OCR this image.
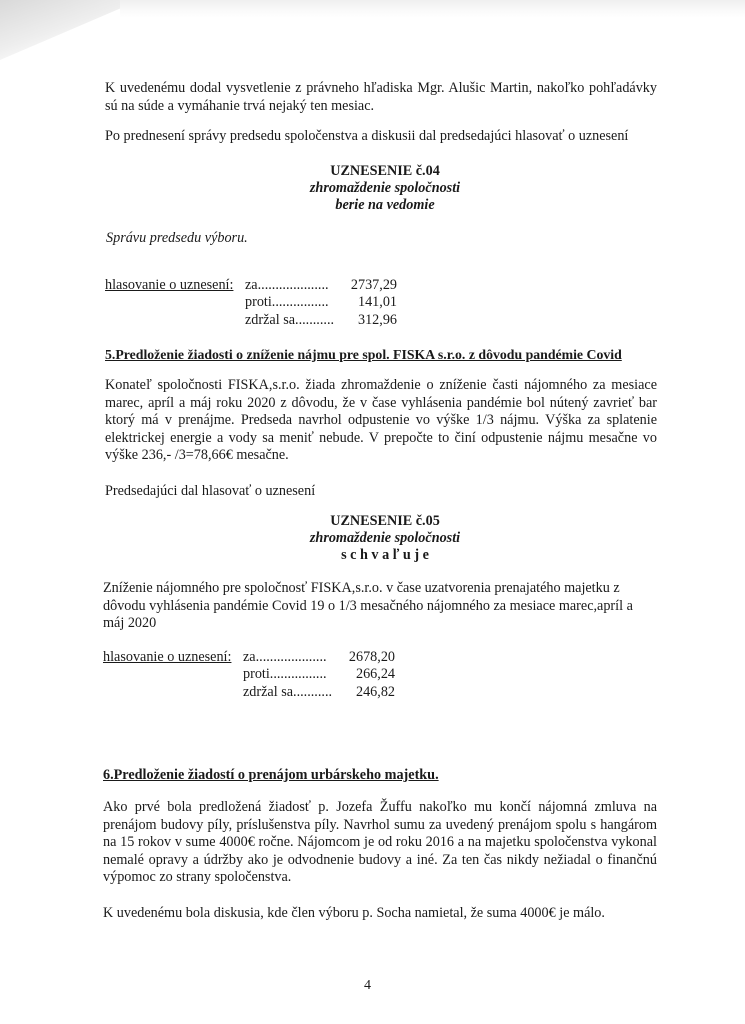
K uvedenému dodal vysvetlenie z právneho hľadiska Mgr. Alušic Martin, nakoľko pohľadávky sú na súde a vymáhanie trvá nejaký ten mesiac.

Po prednesení správy predsedu spoločenstva a diskusii dal predsedajúci hlasovať o uznesení

UZNESENIE č.04
zhromaždenie spoločnosti
berie na vedomie
Správu predsedu výboru.
hlasovanie o uznesení: za....................	2737,29
proti................	141,01
zdržal sa...........	312,96
5.Predloženie žiadosti o zníženie nájmu pre spol. FISKA s.r.o. z dôvodu pandémie Covid

Konateľ spoločnosti FISKA,s.r.o. žiada zhromaždenie o zníženie časti nájomného za mesiace marec, apríl a máj roku 2020 z dôvodu, že v čase vyhlásenia pandémie bol nútený zavrieť bar ktorý má v prenájme. Predseda navrhol odpustenie vo výške 1/3 nájmu. Výška za splatenie elektrickej energie a vody sa meniť nebude. V prepočte to činí odpustenie nájmu mesačne vo výške 236,- /3=78,66€ mesačne.

Predsedajúci dal hlasovať o uznesení

UZNESENIE č.05
zhromaždenie spoločnosti
s c h v a ľ u j e

Zníženie nájomného pre spoločnosť FISKA,s.r.o. v čase uzatvorenia prenajatého majetku z dôvodu vyhlásenia pandémie Covid 19 o 1/3 mesačného nájomného za mesiace marec,apríl a máj 2020

hlasovanie o uznesení: za....................	2678,20
proti................	266,24
zdržal sa...........	246,82
6.Predloženie žiadostí o prenájom urbárskeho majetku.

Ako prvé bola predložená žiadosť p. Jozefa Žuffu nakoľko mu končí nájomná zmluva na prenájom budovy píly, príslušenstva píly. Navrhol sumu za uvedený prenájom spolu s hangárom na 15 rokov v sume 4000€ ročne. Nájomcom je od roku 2016 a na majetku spoločenstva vykonal nemalé opravy a údržby ako je odvodnenie budovy a iné. Za ten čas nikdy nežiadal o finančnú výpomoc zo strany spoločenstva.

K uvedenému bola diskusia, kde člen výboru p. Socha namietal, že suma 4000€ je málo.

4
